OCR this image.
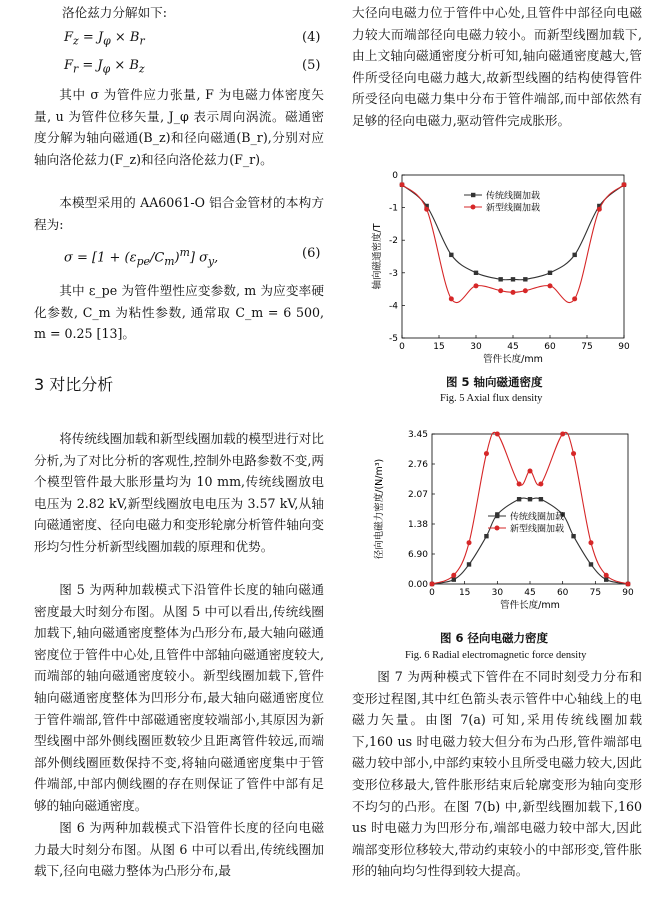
洛伦兹力分解如下:

$F_z = J_\varphi \times B_r$	(4)
$F_r = J_\varphi \times B_z$	(5)

其中 σ 为管件应力张量, F 为电磁力体密度矢量, u 为管件位移矢量, J_φ 表示周向涡流。磁通密度分解为轴向磁通(B_z)和径向磁通(B_r),分别对应轴向洛伦兹力(F_z)和径向洛伦兹力(F_r)。

本模型采用的 AA6061-O 铝合金管材的本构方程为:

$\sigma = [1 + (\varepsilon_{pe}/C_m)^m]$ $\sigma_y$,	(6)

其中 ε_pe 为管件塑性应变参数, m 为应变率硬化参数, C_m 为粘性参数, 通常取 C_m = 6 500, m = 0.25 [13]。

3 对比分析

将传统线圈加载和新型线圈加载的模型进行对比分析,为了对比分析的客观性,控制外电路参数不变,两个模型管件最大胀形量均为 10 mm,传统线圈放电电压为 2.82 kV,新型线圈放电电压为 3.57 kV,从轴向磁通密度、径向电磁力和变形轮廓分析管件轴向变形均匀性分析新型线圈加载的原理和优势。

图 5 为两种加载模式下沿管件长度的轴向磁通密度最大时刻分布图。从图 5 中可以看出,传统线圈加载下,轴向磁通密度整体为凸形分布,最大轴向磁通密度位于管件中心处,且管件中部轴向磁通密度较大,而端部的轴向磁通密度较小。新型线圈加载下,管件轴向磁通密度整体为凹形分布,最大轴向磁通密度位于管件端部,管件中部磁通密度较端部小,其原因为新型线圈中部外侧线圈匝数较少且距离管件较远,而端部外侧线圈匝数保持不变,将轴向磁通密度集中于管件端部,中部内侧线圈的存在则保证了管件中部有足够的轴向磁通密度。

图 6 为两种加载模式下沿管件长度的径向电磁力最大时刻分布图。从图 6 中可以看出,传统线圈加载下,径向电磁力整体为凸形分布,最

大径向电磁力位于管件中心处,且管件中部径向电磁力较大而端部径向电磁力较小。而新型线圈加载下,由上文轴向磁通密度分析可知,轴向磁通密度越大,管件所受径向电磁力越大,故新型线圈的结构使得管件所受径向电磁力集中分布于管件端部,而中部依然有足够的径向电磁力,驱动管件完成胀形。

0	15	30	45	60	75	90
0
-1
-2
-3
-4
-5
管件长度/mm
轴向磁通密度/T
传统线圈加载
新型线圈加载
图 5 轴向磁通密度
Fig. 5 Axial flux density
0	15 30 45 60 75 90
0.00
6.90
1.38
2.07
2.76
3.45
管件长度/mm
径向电磁力密度/(N/m³)	传统线圈加载
新型线圈加载
图 6 径向电磁力密度
Fig. 6 Radial electromagnetic force density

图 7 为两种模式下管件在不同时刻受力分布和变形过程图,其中红色箭头表示管件中心轴线上的电磁力矢量。由图 7(a) 可知,采用传统线圈加载下,160 us 时电磁力较大但分布为凸形,管件端部电磁力较中部小,中部约束较小且所受电磁力较大,因此变形位移最大,管件胀形结束后轮廓变形为轴向变形不均匀的凸形。在图 7(b) 中,新型线圈加载下,160 us 时电磁力为凹形分布,端部电磁力较中部大,因此端部变形位移较大,带动约束较小的中部形变,管件胀形的轴向均匀性得到较大提高。
